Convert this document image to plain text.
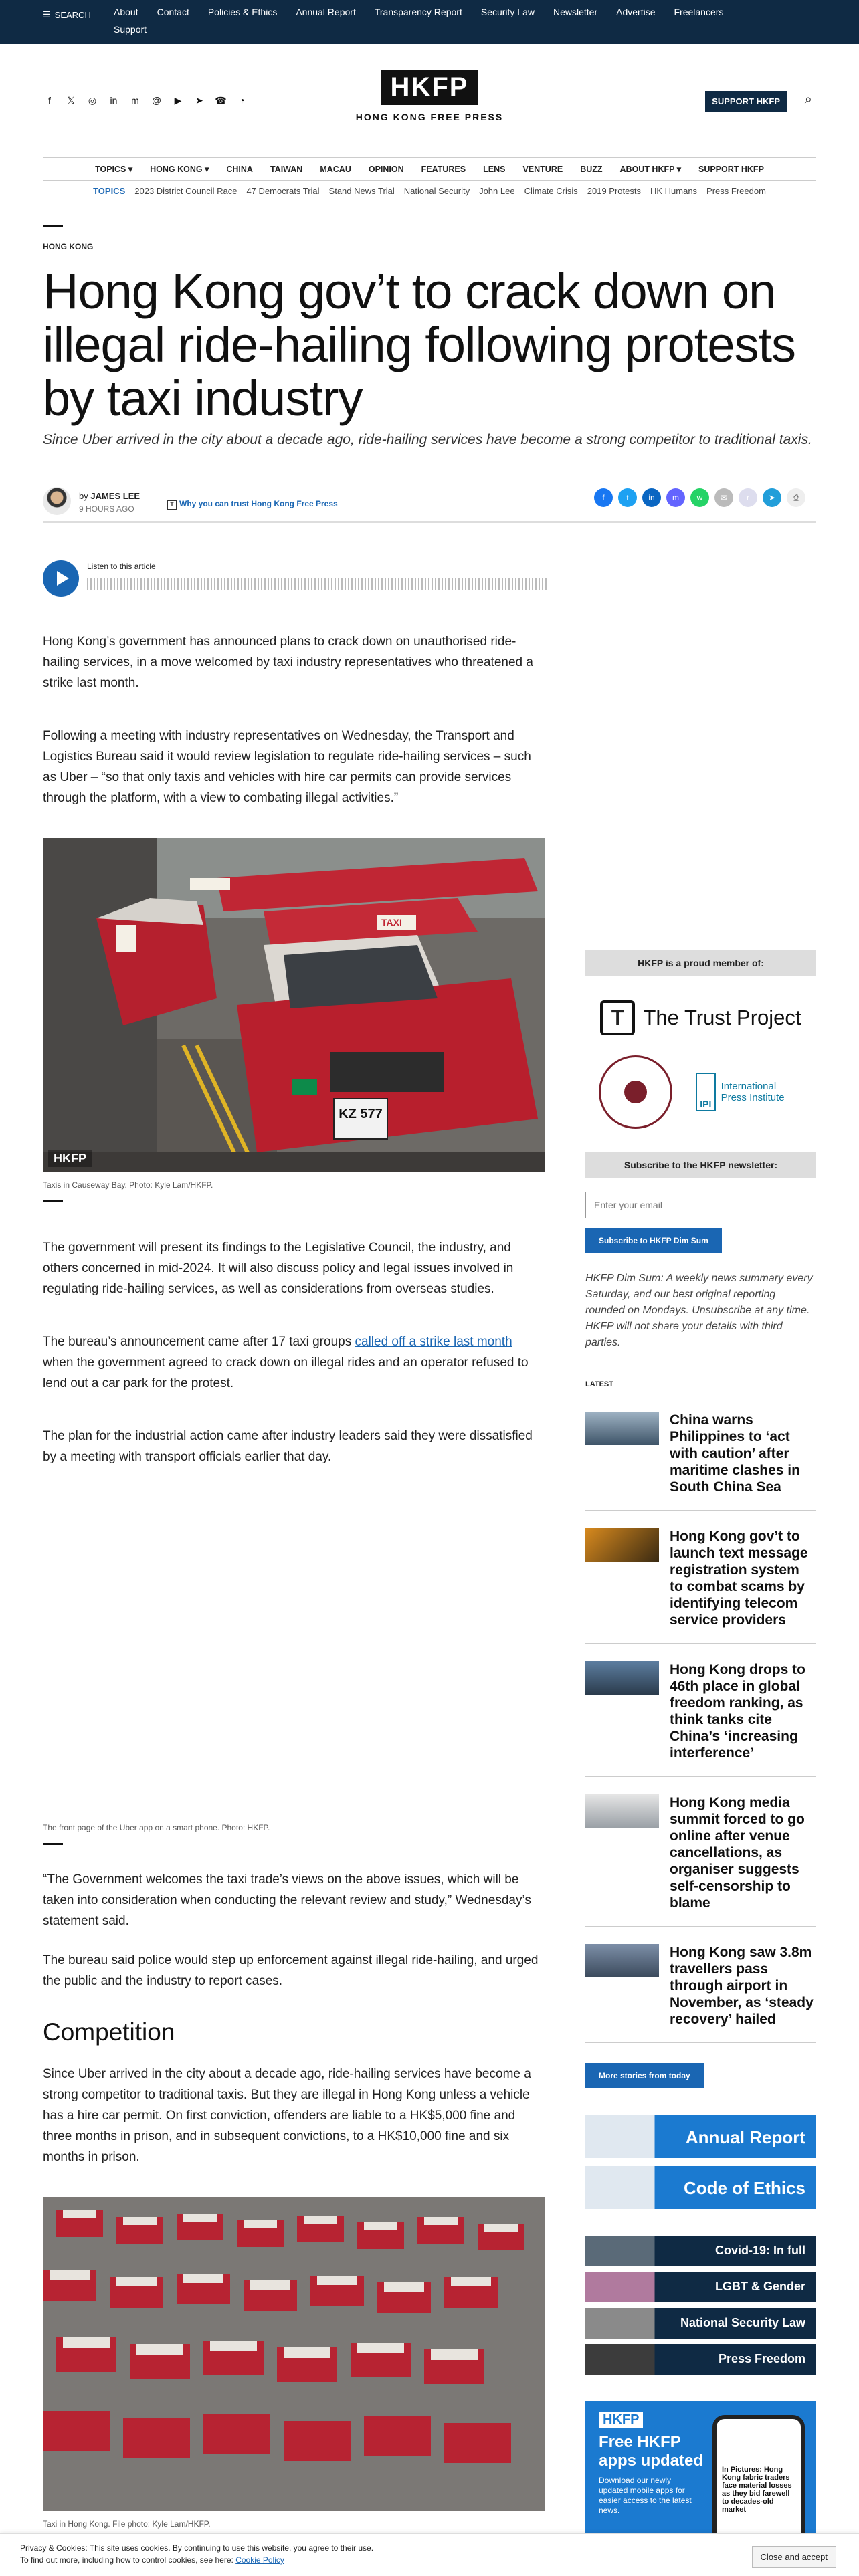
☰ SEARCH About Contact Policies & Ethics Annual Report Transparency Report Security Law Newsletter Advertise Freelancers
Support
f	𝕏	◎	in	m @	▶	➤ ☎	◔	HKFP
HONG KONG FREE PRESS
SUPPORT HKFP	⌕
TOPICS ▾ HONG KONG ▾ CHINA TAIWAN MACAU OPINION FEATURES LENS VENTURE BUZZ ABOUT HKFP ▾ SUPPORT HKFP
TOPICS 2023 District Council Race 47 Democrats Trial Stand News Trial National Security John Lee Climate Crisis 2019 Protests HK Humans Press Freedom
HONG KONG
Hong Kong gov’t to crack down on illegal ride-hailing following protests by taxi industry
Since Uber arrived in the city about a decade ago, ride-hailing services have become a strong competitor to traditional taxis.
by JAMES LEE
9 HOURS AGO	T Why you can trust Hong Kong Free Press
f	t	in	m	w	✉	r	➤	⎙
Listen to this article

Hong Kong’s government has announced plans to crack down on unauthorised ride-hailing services, in a move welcomed by taxi industry representatives who threatened a strike last month.

Following a meeting with industry representatives on Wednesday, the Transport and Logistics Bureau said it would review legislation to regulate ride-hailing services – such as Uber – “so that only taxis and vehicles with hire car permits can provide services through the platform, with a view to combating illegal activities.”

TAXI
KZ 577
HKFP
Taxis in Causeway Bay. Photo: Kyle Lam/HKFP.

The government will present its findings to the Legislative Council, the industry, and others concerned in mid-2024. It will also discuss policy and legal issues involved in regulating ride-hailing services, as well as considerations from overseas studies.

The bureau’s announcement came after 17 taxi groups called off a strike last month when the government agreed to crack down on illegal rides and an operator refused to lend out a car park for the protest.

The plan for the industrial action came after industry leaders said they were dissatisfied by a meeting with transport officials earlier that day.

The front page of the Uber app on a smart phone. Photo: HKFP.

“The Government welcomes the taxi trade’s views on the above issues, which will be taken into consideration when conducting the relevant review and study,” Wednesday’s statement said.

The bureau said police would step up enforcement against illegal ride-hailing, and urged the public and the industry to report cases.

Competition

Since Uber arrived in the city about a decade ago, ride-hailing services have become a strong competitor to traditional taxis. But they are illegal in Hong Kong unless a vehicle has a hire car permit. On first conviction, offenders are liable to a HK$5,000 fine and three months in prison, and in subsequent convictions, to a HK$10,000 fine and six months in prison.

Taxi in Hong Kong. File photo: Kyle Lam/HKFP.
HKFP is a proud member of:
T The Trust Project
IPI
International Press Institute
Subscribe to the HKFP newsletter:
Enter your email
Subscribe to HKFP Dim Sum
HKFP Dim Sum: A weekly news summary every Saturday, and our best original reporting rounded on Mondays. Unsubscribe at any time. HKFP will not share your details with third parties.
LATEST
China warns Philippines to ‘act with caution’ after maritime clashes in South China Sea
Hong Kong gov’t to launch text message registration system to combat scams by identifying telecom service providers
Hong Kong drops to 46th place in global freedom ranking, as think tanks cite China’s ‘increasing interference’
Hong Kong media summit forced to go online after venue cancellations, as organiser suggests self-censorship to blame
Hong Kong saw 3.8m travellers pass through airport in November, as ‘steady recovery’ hailed
More stories from today
Annual Report
Code of Ethics
Covid-19: In full
LGBT & Gender
National Security Law
Press Freedom
HKFP
Free HKFP apps updated
Download our newly updated mobile apps for easier access to the latest news.
In Pictures: Hong Kong fabric traders face material losses as they bid farewell to decades-old market
Privacy & Cookies: This site uses cookies. By continuing to use this website, you agree to their use.
To find out more, including how to control cookies, see here: Cookie Policy	Close and accept
